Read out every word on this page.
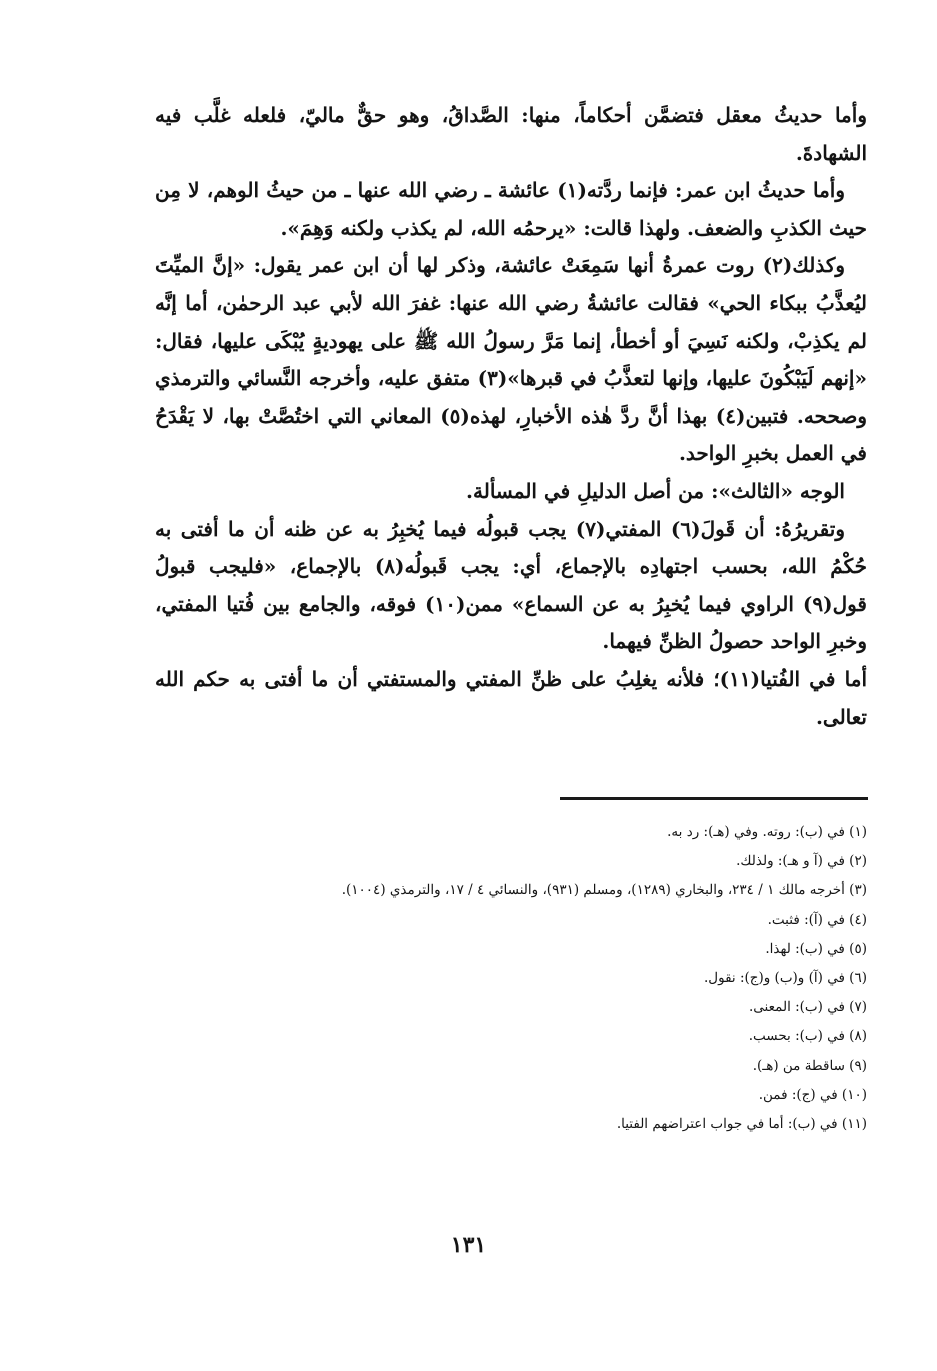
وأما حديثُ معقل فتضمَّن أحكاماً، منها: الصَّداقُ، وهو حقٌّ ماليّ، فلعله غلَّب فيه الشهادةَ.

وأما حديثُ ابن عمر: فإنما ردَّته(١) عائشة ـ رضي الله عنها ـ من حيثُ الوهم، لا مِن حيث الكذبِ والضعف. ولهذا قالت: «يرحمُه الله، لم يكذب ولكنه وَهِمَ».

وكذلك(٢) روت عمرةُ أنها سَمِعَتْ عائشة، وذكر لها أن ابن عمر يقول: «إنَّ الميِّتَ ليُعذَّبُ ببكاء الحي» فقالت عائشةُ رضي الله عنها: غفرَ الله لأبي عبد الرحمٰن، أما إنَّه لم يكذِبْ، ولكنه نَسِيَ أو أخطأ، إنما مَرَّ رسولُ الله ﷺ على يهوديةٍ يُبْكَى عليها، فقال: «إنهم لَيَبْكُونَ عليها، وإنها لتعذَّبُ في قبرها»(٣) متفق عليه، وأخرجه النَّسائي والترمذي وصححه. فتبين(٤) بهذا أنَّ ردَّ هٰذه الأخبارِ، لهذه(٥) المعاني التي اختُصَّتْ بها، لا يَقْدَحُ في العمل بخبرِ الواحد.

الوجه «الثالث»: من أصل الدليلِ في المسألة.

وتقريرُهُ: أن قَولَ(٦) المفتي(٧) يجب قبولُه فيما يُخبِرُ به عن ظنه أن ما أفتى به حُكْمُ الله، بحسب اجتهادِه بالإجماع، أي: يجب قَبولُه(٨) بالإجماع، «فليجب قبولُ قول(٩) الراوي فيما يُخبِرُ به عن السماع» ممن(١٠) فوقه، والجامع بين فُتيا المفتي، وخبرِ الواحد حصولُ الظنِّ فيهما.

أما في الفُتيا(١١)؛ فلأنه يغلِبُ على ظنِّ المفتي والمستفتي أن ما أفتى به حكم الله تعالى.

(١) في (ب): روته. وفي (هـ): رد به.
(٢) في (آ و هـ): ولذلك.
(٣) أخرجه مالك ١ / ٢٣٤، والبخاري (١٢٨٩)، ومسلم (٩٣١)، والنسائي ٤ / ١٧، والترمذي (١٠٠٤).
(٤) في (آ): فثبت.
(٥) في (ب): لهذا.
(٦) في (آ) و(ب) و(ج): نقول.
(٧) في (ب): المعنى.
(٨) في (ب): بحسب.
(٩) ساقطة من (هـ).
(١٠) في (ج): فمن.
(١١) في (ب): أما في جواب اعتراضهم الفتيا.
١٣١
